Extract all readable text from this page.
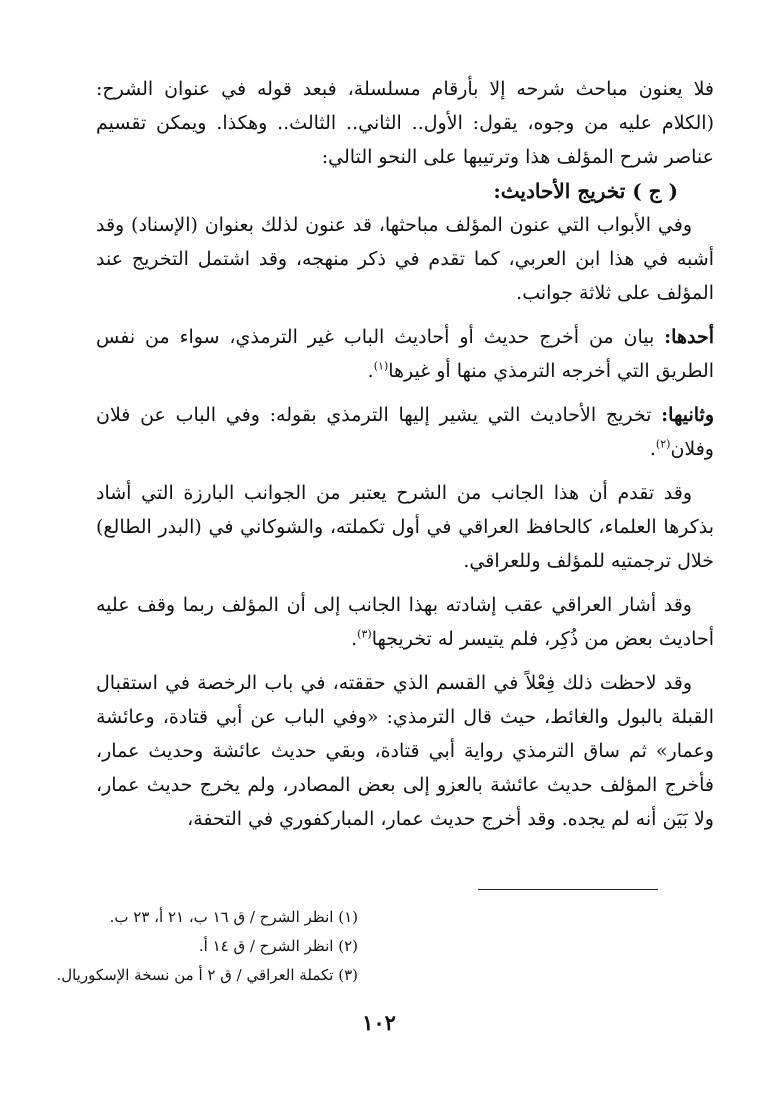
فلا يعنون مباحث شرحه إلا بأرقام مسلسلة، فبعد قوله في عنوان الشرح: (الكلام عليه من وجوه، يقول: الأول.. الثاني.. الثالث.. وهكذا. ويمكن تقسيم عناصر شرح المؤلف هذا وترتيبها على النحو التالي:

( ج ) تخريج الأحاديث:

وفي الأبواب التي عنون المؤلف مباحثها، قد عنون لذلك بعنوان (الإسناد) وقد أشبه في هذا ابن العربي، كما تقدم في ذكر منهجه، وقد اشتمل التخريج عند المؤلف على ثلاثة جوانب.

أحدها: بيان من أخرج حديث أو أحاديث الباب غير الترمذي، سواء من نفس الطريق التي أخرجه الترمذي منها أو غيرها$^{(١)}$.

وثانيها: تخريج الأحاديث التي يشير إليها الترمذي بقوله: وفي الباب عن فلان وفلان$^{(٢)}$.

وقد تقدم أن هذا الجانب من الشرح يعتبر من الجوانب البارزة التي أشاد بذكرها العلماء، كالحافظ العراقي في أول تكملته، والشوكاني في (البدر الطالع) خلال ترجمتيه للمؤلف وللعراقي.

وقد أشار العراقي عقب إشادته بهذا الجانب إلى أن المؤلف ربما وقف عليه أحاديث بعض من ذُكِر، فلم يتيسر له تخريجها$^{(٣)}$.

وقد لاحظت ذلك فِعْلاً في القسم الذي حققته، في باب الرخصة في استقبال القبلة بالبول والغائط، حيث قال الترمذي: «وفي الباب عن أبي قتادة، وعائشة وعمار» ثم ساق الترمذي رواية أبي قتادة، وبقي حديث عائشة وحديث عمار، فأخرج المؤلف حديث عائشة بالعزو إلى بعض المصادر، ولم يخرج حديث عمار، ولا بَيَن أنه لم يجده. وقد أخرج حديث عمار، المباركفوري في التحفة،

(١) انظر الشرح / ق ١٦ ب، ٢١ أ، ٢٣ ب.

(٢) انظر الشرح / ق ١٤ أ.

(٣) تكملة العراقي / ق ٢ أ من نسخة الإسكوريال.

١٠٢
